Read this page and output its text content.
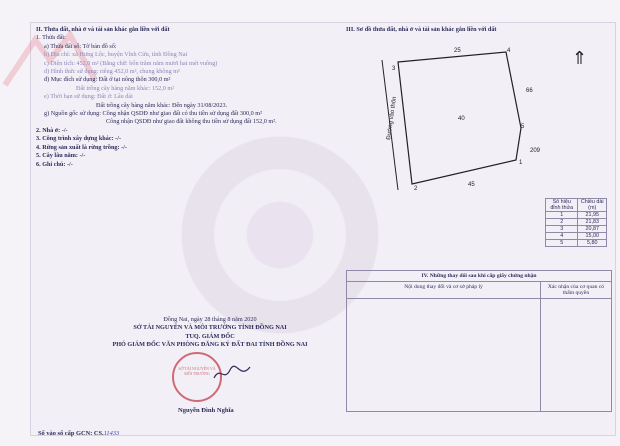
II. Thửa đất, nhà ở và tài sản khác gắn liền với đất
1. Thửa đất:
a) Thửa đất số: Tờ bản đồ số:
b) Địa chỉ: xã Hưng Lộc, huyện Vĩnh Cửu, tỉnh Đồng Nai
c) Diện tích: 452,0 m² (Bằng chữ: bốn trăm năm mươi hai mét vuông)
d) Hình thức sử dụng: riêng 452,0 m², chung không m²
đ) Mục đích sử dụng: Đất ở tại nông thôn 300,0 m²
Đất trồng cây hàng năm khác: 152,0 m²
e) Thời hạn sử dụng: Đất ở: Lâu dài
Đất trồng cây hàng năm khác: Đến ngày 31/08/2023.
g) Nguồn gốc sử dụng: Công nhận QSDĐ như giao đất có thu tiền sử dụng đất 300,0 m²
Công nhận QSDĐ như giao đất không thu tiền sử dụng đất 152,0 m².
2. Nhà ở: -/-
3. Công trình xây dựng khác: -/-
4. Rừng sản xuất là rừng trồng: -/-
5. Cây lâu năm: -/-
6. Ghi chú: -/-
III. Sơ đồ thửa đất, nhà ở và tài sản khác gắn liền với đất
3
4
5
1
2
25
66
40
45
209
Đường vào thôn
⇑
Số hiệu đỉnh thửa	Chiều dài (m)
1	21,95
2	21,83
3	20,87
4	15,00
5	5,80
IV. Những thay đổi sau khi cấp giấy chứng nhận
Nội dung thay đổi và cơ sở pháp lý	Xác nhận của cơ quan có thẩm quyền
Đồng Nai, ngày 28 tháng 8 năm 2020
SỞ TÀI NGUYÊN VÀ MÔI TRƯỜNG TỈNH ĐỒNG NAI
TUQ. GIÁM ĐỐC
PHÓ GIÁM ĐỐC VĂN PHÒNG ĐĂNG KÝ ĐẤT ĐAI TỈNH ĐỒNG NAI
SỞ TÀI NGUYÊN VÀ MÔI TRƯỜNG
Nguyễn Đình Nghĩa
Số vào sổ cấp GCN: CS.11433
